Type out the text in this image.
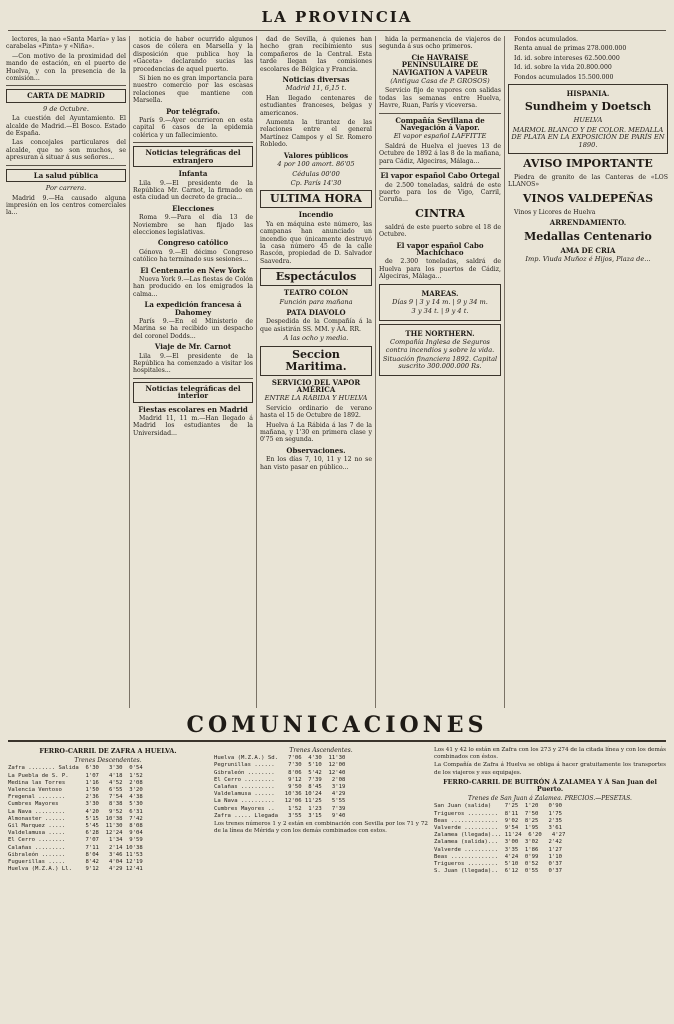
LA PROVINCIA

lectores, la nao «Santa María» y las carabelas «Pinta» y «Niña».

—Con motivo de la proximidad del mando de estación, en el puerto de Huelva, y con la presencia de la comisión...

CARTA DE MADRID
9 de Octubre.

La cuestión del Ayuntamiento. El alcalde de Madrid.—El Bosco. Estado de España.

Las concejales particulares del alcalde, que no son muchos, se apresuran á situar á sus señores...

La salud pública
Por carrera.

Madrid 9.—Ha causado alguna impresión en los centros comerciales la...

noticia de haber ocurrido algunos casos de cólera en Marsella y la disposición que publica hoy la «Gaceta» declarando sucias las procedencias de aquel puerto.

Si bien no es gran importancia para nuestro comercio por las escasas relaciones que mantiene con Marsella.

Por telégrafo.

París 9.—Ayer ocurrieron en esta capital 6 casos de la epidemia colérica y un fallecimiento.

Noticias telegráficas del extranjero
Infanta

Lila 9.—El presidente de la República Mr. Carnot, la firmado en esta ciudad un decreto de gracia...

Elecciones

Roma 9.—Para el día 13 de Noviembre se han fijado las elecciones legislativas.

Congreso católico

Génova 9.—El décimo Congreso católico ha terminado sus sesiones...

El Centenario en New York

Nueva York 9.—Las fiestas de Colón han producido en los emigrados la calma...

La expedición francesa á Dahomey

París 9.—En el Ministerio de Marina se ha recibido un despacho del coronel Dodds...

Viaje de Mr. Carnot

Lila 9.—El presidente de la República ha comenzado a visitar los hospitales...

Noticias telegráficas del interior
Fiestas escolares en Madrid

Madrid 11, 11 m.—Han llegado á Madrid los estudiantes de la Universidad...

dad de Sevilla, á quienes han hecho gran recibimiento sus compañeros de la Central. Esta tarde llegan las comisiones escolares de Bélgica y Francia.

Noticias diversas
Madrid 11, 6,15 t.

Han llegado centenares de estudiantes franceses, belgas y americanos.

Aumenta la tirantez de las relaciones entre el general Martínez Campos y el Sr. Romero Robledo.

Valores públicos
4 por 100 amort. 86'05
Cédulas 00'00
Cp. París 14'30
ULTIMA HORA
Incendio

Ya en máquina este número, las campanas han anunciado un incendio que únicamente destruyó la casa número 45 de la calle Rascón, propiedad de D. Salvador Saavedra.

Espectáculos
TEATRO COLON
Función para mañana
PATA DIAVOLO

Despedida de la Compañía á la que asistirán SS. MM. y AA. RR.

A las ocho y media.
Seccion Maritima.
SERVICIO DEL VAPOR AMÉRICA
ENTRE LA RÁBIDA Y HUELVA

Servicio ordinario de verano hasta el 15 de Octubre de 1892.

Huelva á La Rábida á las 7 de la mañana, y 1'30 en primera clase y 0'75 en segunda.

Observaciones.

En los días 7, 10, 11 y 12 no se han visto pasar en público...

hida la permanencia de viajeros de segunda á sus ocho primeros.

Cie HAVRAISE PENINSULAIRE DE NAVIGATION A VAPEUR
(Antigua Casa de P. GROSOS)

Servicio fijo de vapores con salidas todas las semanas entre Huelva, Havre, Ruan, París y viceversa.

Compañía Sevillana de Navegación á Vapor.
El vapor español LAFFITTE

Saldrá de Huelva el jueves 13 de Octubre de 1892 á las 8 de la mañana, para Cádiz, Algeciras, Málaga...

El vapor español Cabo Ortegal

de 2.500 toneladas, saldrá de este puerto para los de Vigo, Carril, Coruña...

CINTRA

saldrá de este puerto sobre el 18 de Octubre.

El vapor español Cabo Machichaco

de 2.300 toneladas, saldrá de Huelva para los puertos de Cádiz, Algeciras, Málaga...

MAREAS.
Días 9 | 3 y 14 m. | 9 y 34 m.
3 y 34 t. | 9 y 4 t.
THE NORTHERN.
Compañía Inglesa de Seguros contra incendios y sobre la vida.
Situación financiera 1892. Capital suscrito 300.000.000 Rs.

Fondos acumulados.

Renta anual de primas 278.000.000

Id. id. sobre intereses 62.500.000

Id. id. sobre la vida 20.800.000

Fondos acumulados 15.500.000

HISPANIA.
Sundheim y Doetsch
HUELVA
MARMOL BLANCO Y DE COLOR. MEDALLA DE PLATA EN LA EXPOSICIÓN DE PARÍS EN 1890.
AVISO IMPORTANTE

Piedra de granito de las Canteras de «LOS LLANOS»

VINOS VALDEPEÑAS

Vinos y Licores de Huelva

ARRENDAMIENTO.
Medallas Centenario
AMA DE CRIA
Imp. Viuda Muñoz é Hijos, Plaza de...
COMUNICACIONES
FERRO-CARRIL DE ZAFRA A HUELVA.
Trenes Descendentes.
Zafra ........ Salida  6'30   3'30  0'54
La Puebla de S. P.     1'07   4'18  1'52
Medina las Torres      1'16   4'52  2'08
Valencia Ventoso       1'50   6'55  3'20
Fregenal ........      2'36   7'54  4'38
Cumbres Mayores        3'30   8'38  5'30
La Nava .........      4'20   9'52  6'31
Almonaster ......      5'15  10'38  7'42
Gil Marquez .....      5'45  11'30  8'08
Valdelamusa .....      6'28  12'24  9'04
El Cerro ........      7'07   1'34  9'59
Calañas .........      7'11   2'14 10'38
Gibraleón .......      8'04   3'46 11'53
Fuguerillas .....      8'42   4'04 12'19
Huelva (M.Z.A.) Ll.    9'12   4'29 12'41
Trenes Ascendentes.
Huelva (M.Z.A.) Sd.   7'06  4'30  11'30
Pegrunillas ......    7'30  5'10  12'00
Gibraleón ........    8'06  5'42  12'40
El Cerro .........    9'12  7'39   2'08
Calañas ..........    9'50  8'45   3'19
Valdelamusa ......   10'36 10'24   4'29
La Nava ..........   12'06 11'25   5'55
Cumbres Mayores ..    1'52  1'23   7'39
Zafra ..... Llegada   3'55  3'15   9'40

Los trenes números 1 y 2 están en combinación con Sevilla por los 71 y 72 de la línea de Mérida y con los demás combinados con estos.

Los 41 y 42 lo están en Zafra con los 273 y 274 de la citada línea y con los demás combinados con éstos.

La Compañía de Zafra á Huelva se obliga á hacer gratuitamente los transportes de los viajeros y sus equipajes.

FERRO-CARRIL DE BUITRÓN Á ZALAMEA Y Á San Juan del Puerto.
Trenes de San Juan á Zalamea. PRECIOS.—PESETAS.
San Juan (salida)    7'25  1'20   0'90
Trigueros .........  8'11  7'50   1'75
Beas ..............  9'02  8'25   2'35
Valverde ..........  9'54  1'95   3'61
Zalamea (llegada)... 11'24  6'20   4'27
Zalamea (salida)...  3'00  3'02   2'42
Valverde ..........  3'35  1'86   1'27
Beas ..............  4'24  0'99   1'10
Trigueros .........  5'10  0'52   0'37
S. Juan (llegada)..  6'12  0'55   0'37
